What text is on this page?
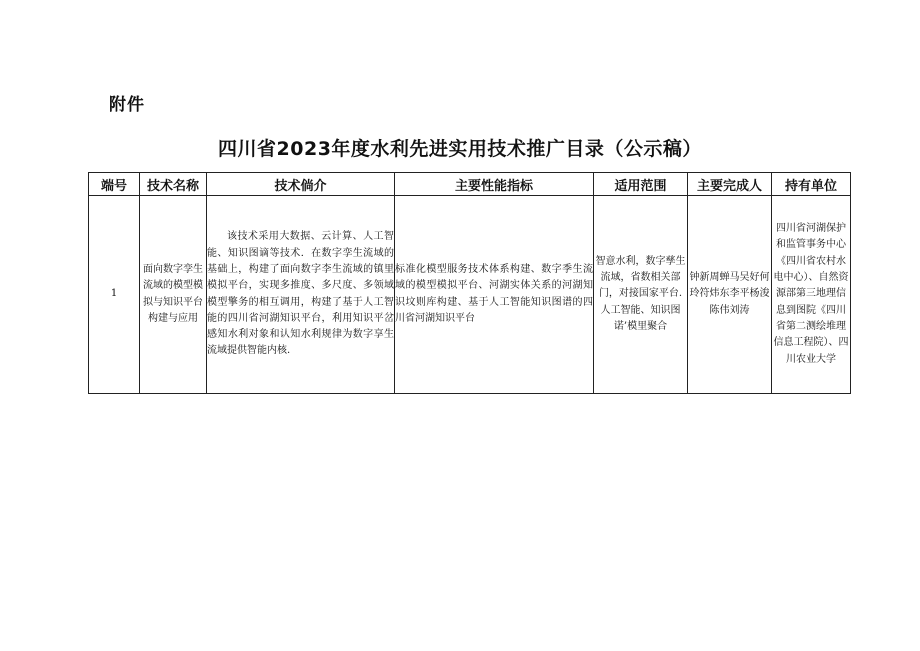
附件
四川省2023年度水利先进实用技术推广目录（公示稿）
端号	技术名称	技术倘介	主要性能指标	适用范围	主要完成人	持有单位
1	面向数字孪生流域的模型模拟与知识平台构建与应用	该技术采用大数据、云计算、人工智能、知识图谪等技术．在数字孪生流域的基础上，构建了面向数字李生流域的镇里模拟平台，实现多推度、多尺度、多领域模型擎务的相互调用，构建了基于人工智能的四川省河湖知识平台，利用知识平岔感知水利对象和认知水利规律为数字享生流域提供智能内核.	标准化模型服务技术体系构建、数字季生流域的模型模拟平台、河湖实体关系的河湖知识坟则库构建、基于人工智能知识图谱的四川省河湖知识平台	智意水利，数字孳生流域，省数相关部门，对接国家平台.人工智能、知识图诺’模里聚合	钟新周蝉马吴好何玲符炜东李平杨浚陈伟刘涛	四川省河湖保护和监管事务中心《四川省农村水电中心）、自然资源部第三地理信息到图院《四川省第二测绘堆理信息工程院）、四川农业大学
